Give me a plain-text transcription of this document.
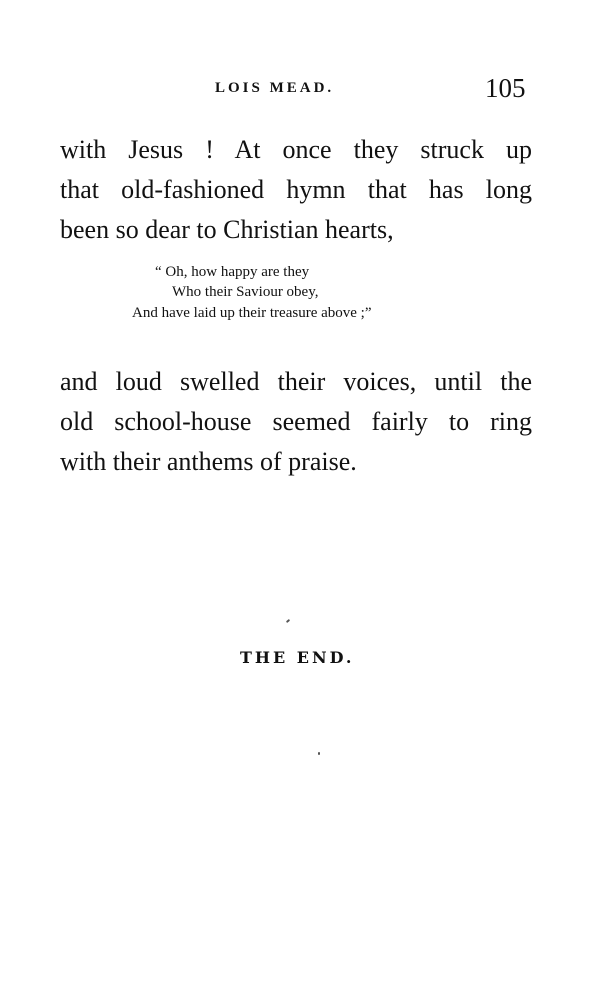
LOIS MEAD.	105
with Jesus ! At once they struck up
that old-fashioned hymn that has long
been so dear to Christian hearts,
“ Oh, how happy are they
Who their Saviour obey,
And have laid up their treasure above ;”
and loud swelled their voices, until the
old school-house seemed fairly to ring
with their anthems of praise.
THE END.
